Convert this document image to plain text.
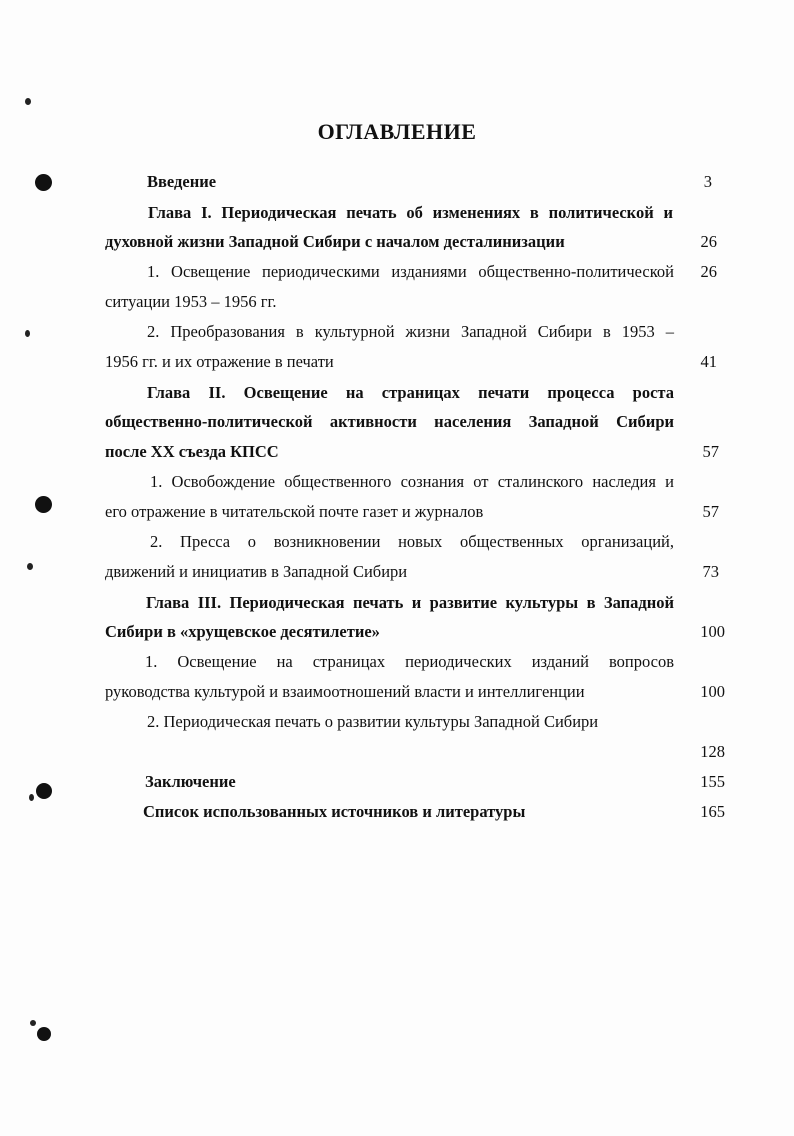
ОГЛАВЛЕНИЕ
Введение	3
Глава I. Периодическая печать об изменениях в политической и
духовной жизни Западной Сибири с началом десталинизации	26
1. Освещение периодическими изданиями общественно-политической	26
ситуации 1953 – 1956 гг.
2. Преобразования в культурной жизни Западной Сибири в 1953 –
1956 гг. и их отражение в печати	41
Глава II. Освещение на страницах печати процесса роста
общественно-политической активности населения Западной Сибири
после XX съезда КПСС	57
1. Освобождение общественного сознания от сталинского наследия и
его отражение в читательской почте газет и журналов	57
2. Пресса о возникновении новых общественных организаций,
движений и инициатив в Западной Сибири	73
Глава III. Периодическая печать и развитие культуры в Западной
Сибири в «хрущевское десятилетие»	100
1. Освещение на страницах периодических изданий вопросов
руководства культурой и взаимоотношений власти и интеллигенции	100
2. Периодическая печать о развитии культуры Западной Сибири
128
Заключение	155
Список использованных источников и литературы	165
